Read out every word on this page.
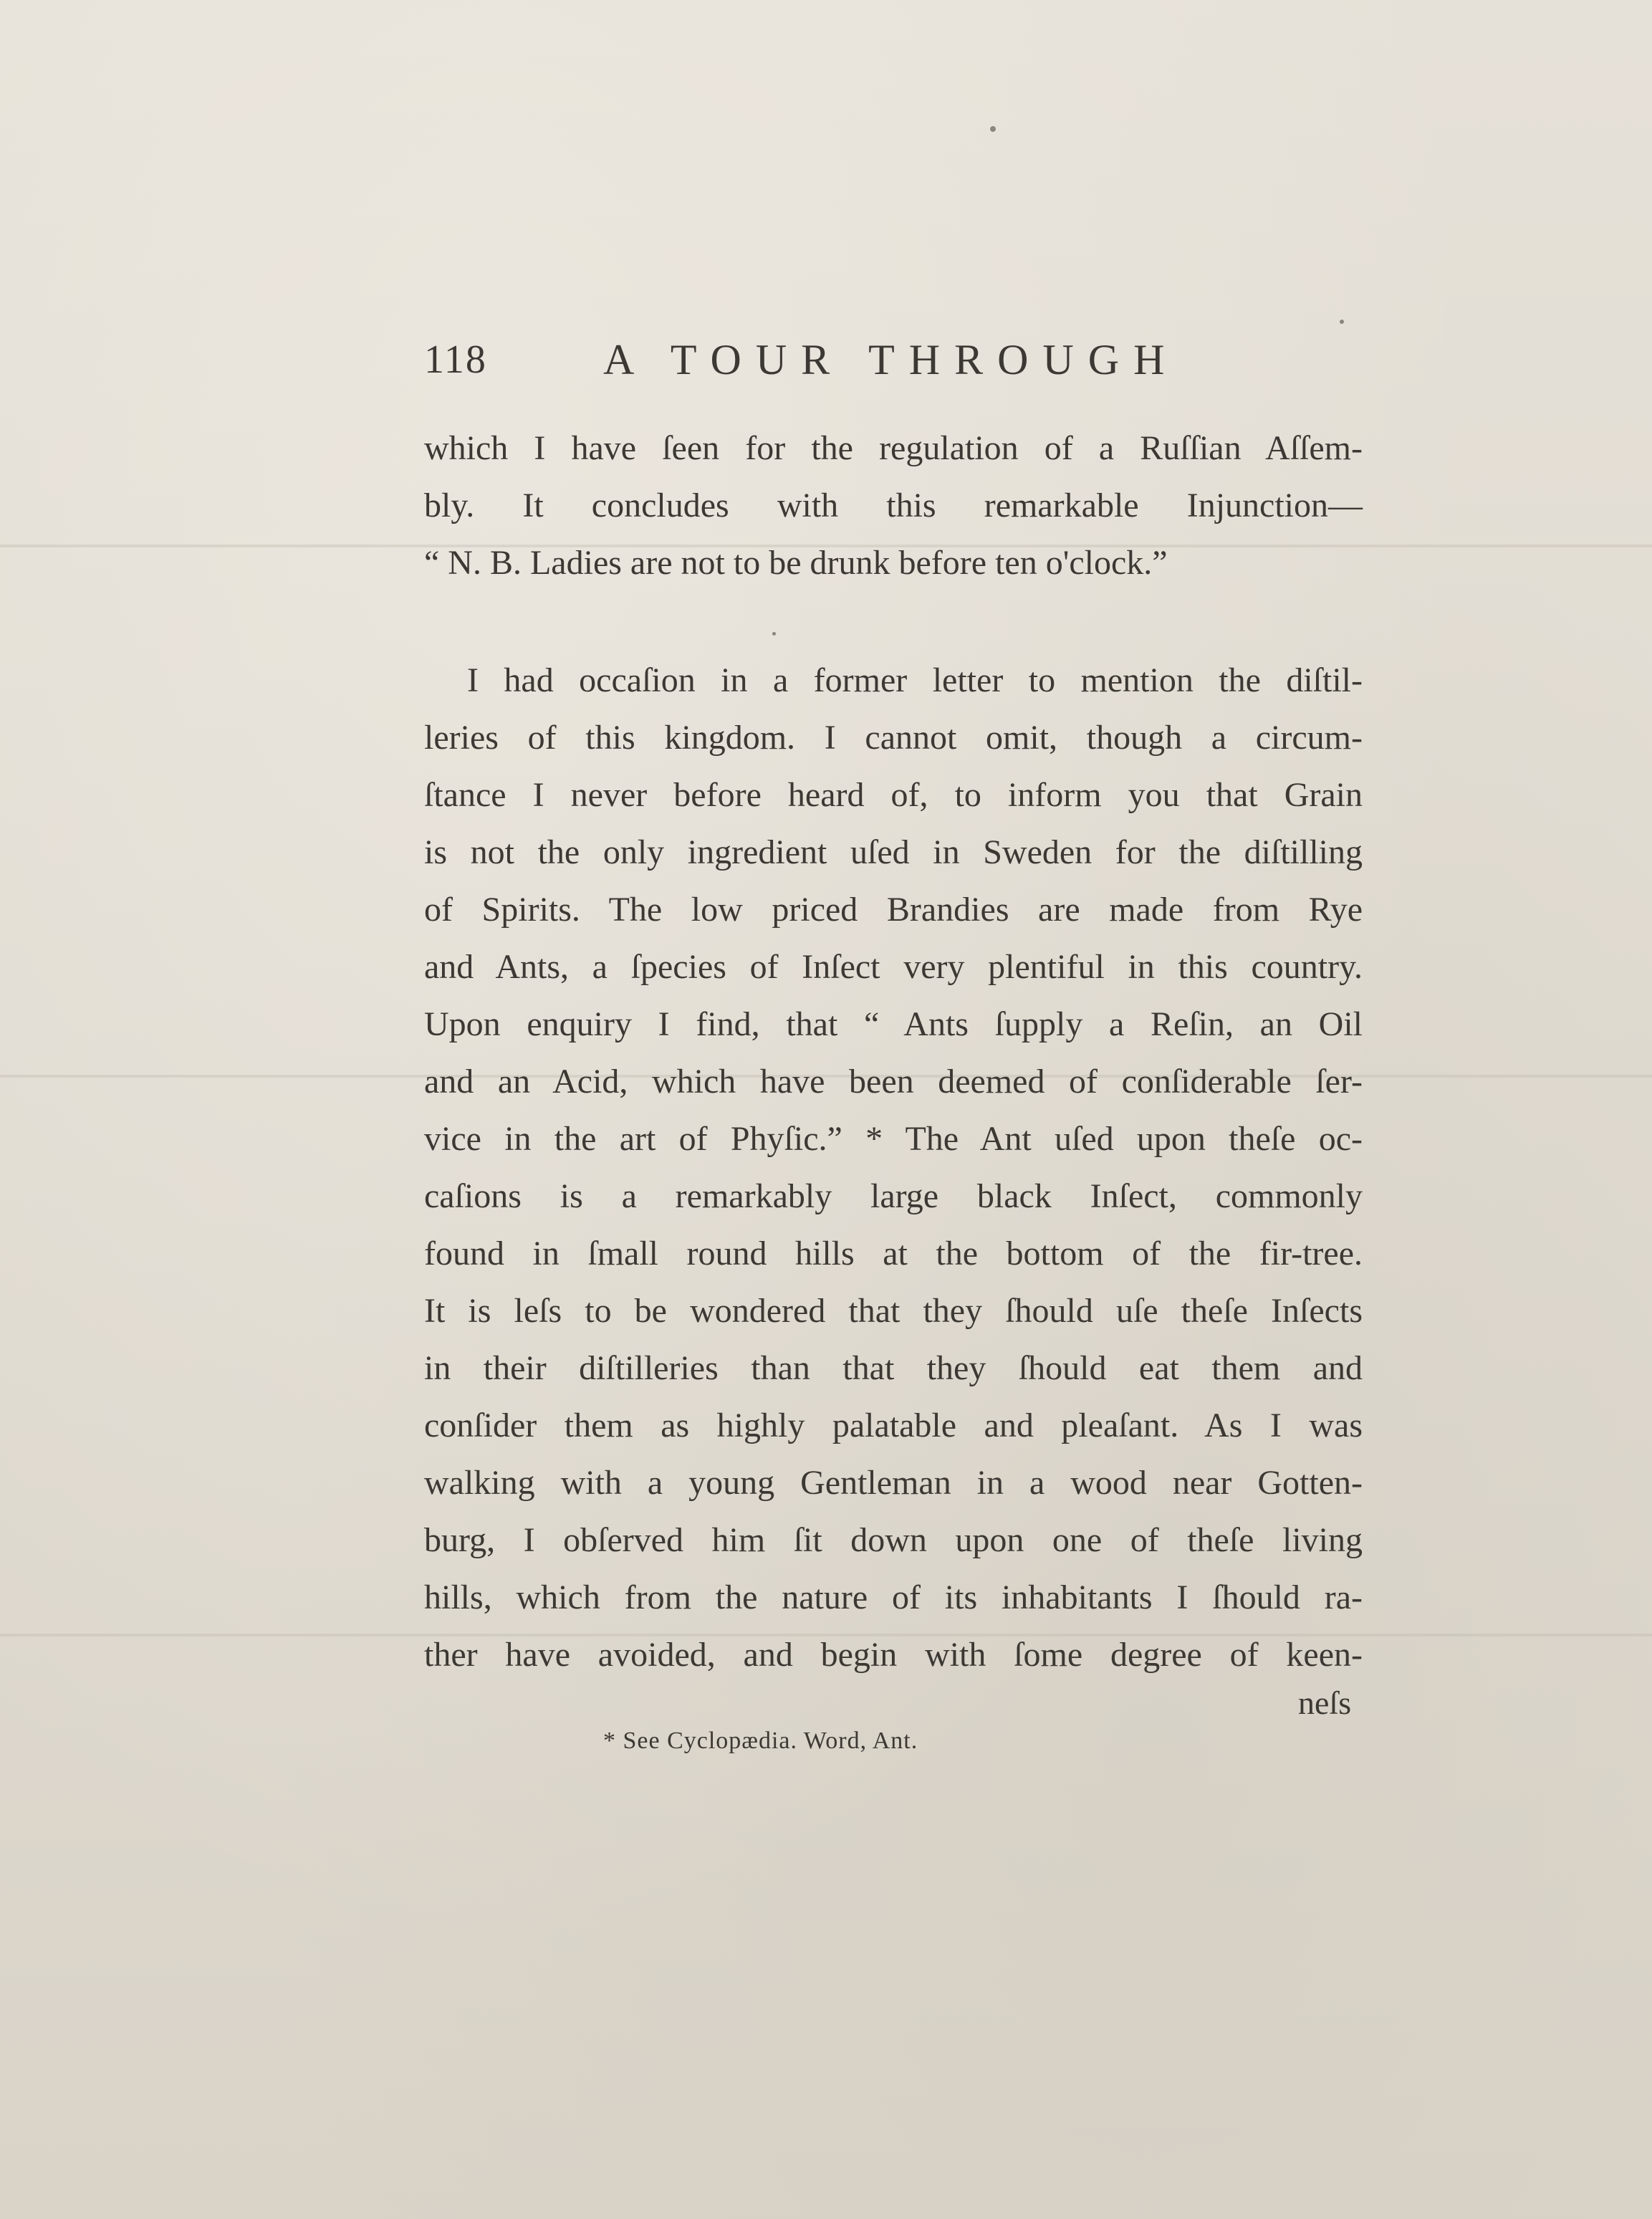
118	A TOUR THROUGH
which I have ſeen for the regulation of a Ruſſian Aſſem-
bly. It concludes with this remarkable Injunction—
“ N. B. Ladies are not to be drunk before ten o'clock.”
I had occaſion in a former letter to mention the diſtil-
leries of this kingdom. I cannot omit, though a circum-
ſtance I never before heard of, to inform you that Grain
is not the only ingredient uſed in Sweden for the diſtilling
of Spirits. The low priced Brandies are made from Rye
and Ants, a ſpecies of Inſect very plentiful in this country.
Upon enquiry I find, that “ Ants ſupply a Reſin, an Oil
and an Acid, which have been deemed of conſiderable ſer-
vice in the art of Phyſic.” * The Ant uſed upon theſe oc-
caſions is a remarkably large black Inſect, commonly
found in ſmall round hills at the bottom of the fir-tree.
It is leſs to be wondered that they ſhould uſe theſe Inſects
in their diſtilleries than that they ſhould eat them and
conſider them as highly palatable and pleaſant. As I was
walking with a young Gentleman in a wood near Gotten-
burg, I obſerved him ſit down upon one of theſe living
hills, which from the nature of its inhabitants I ſhould ra-
ther have avoided, and begin with ſome degree of keen-
neſs
* See Cyclopædia. Word, Ant.
